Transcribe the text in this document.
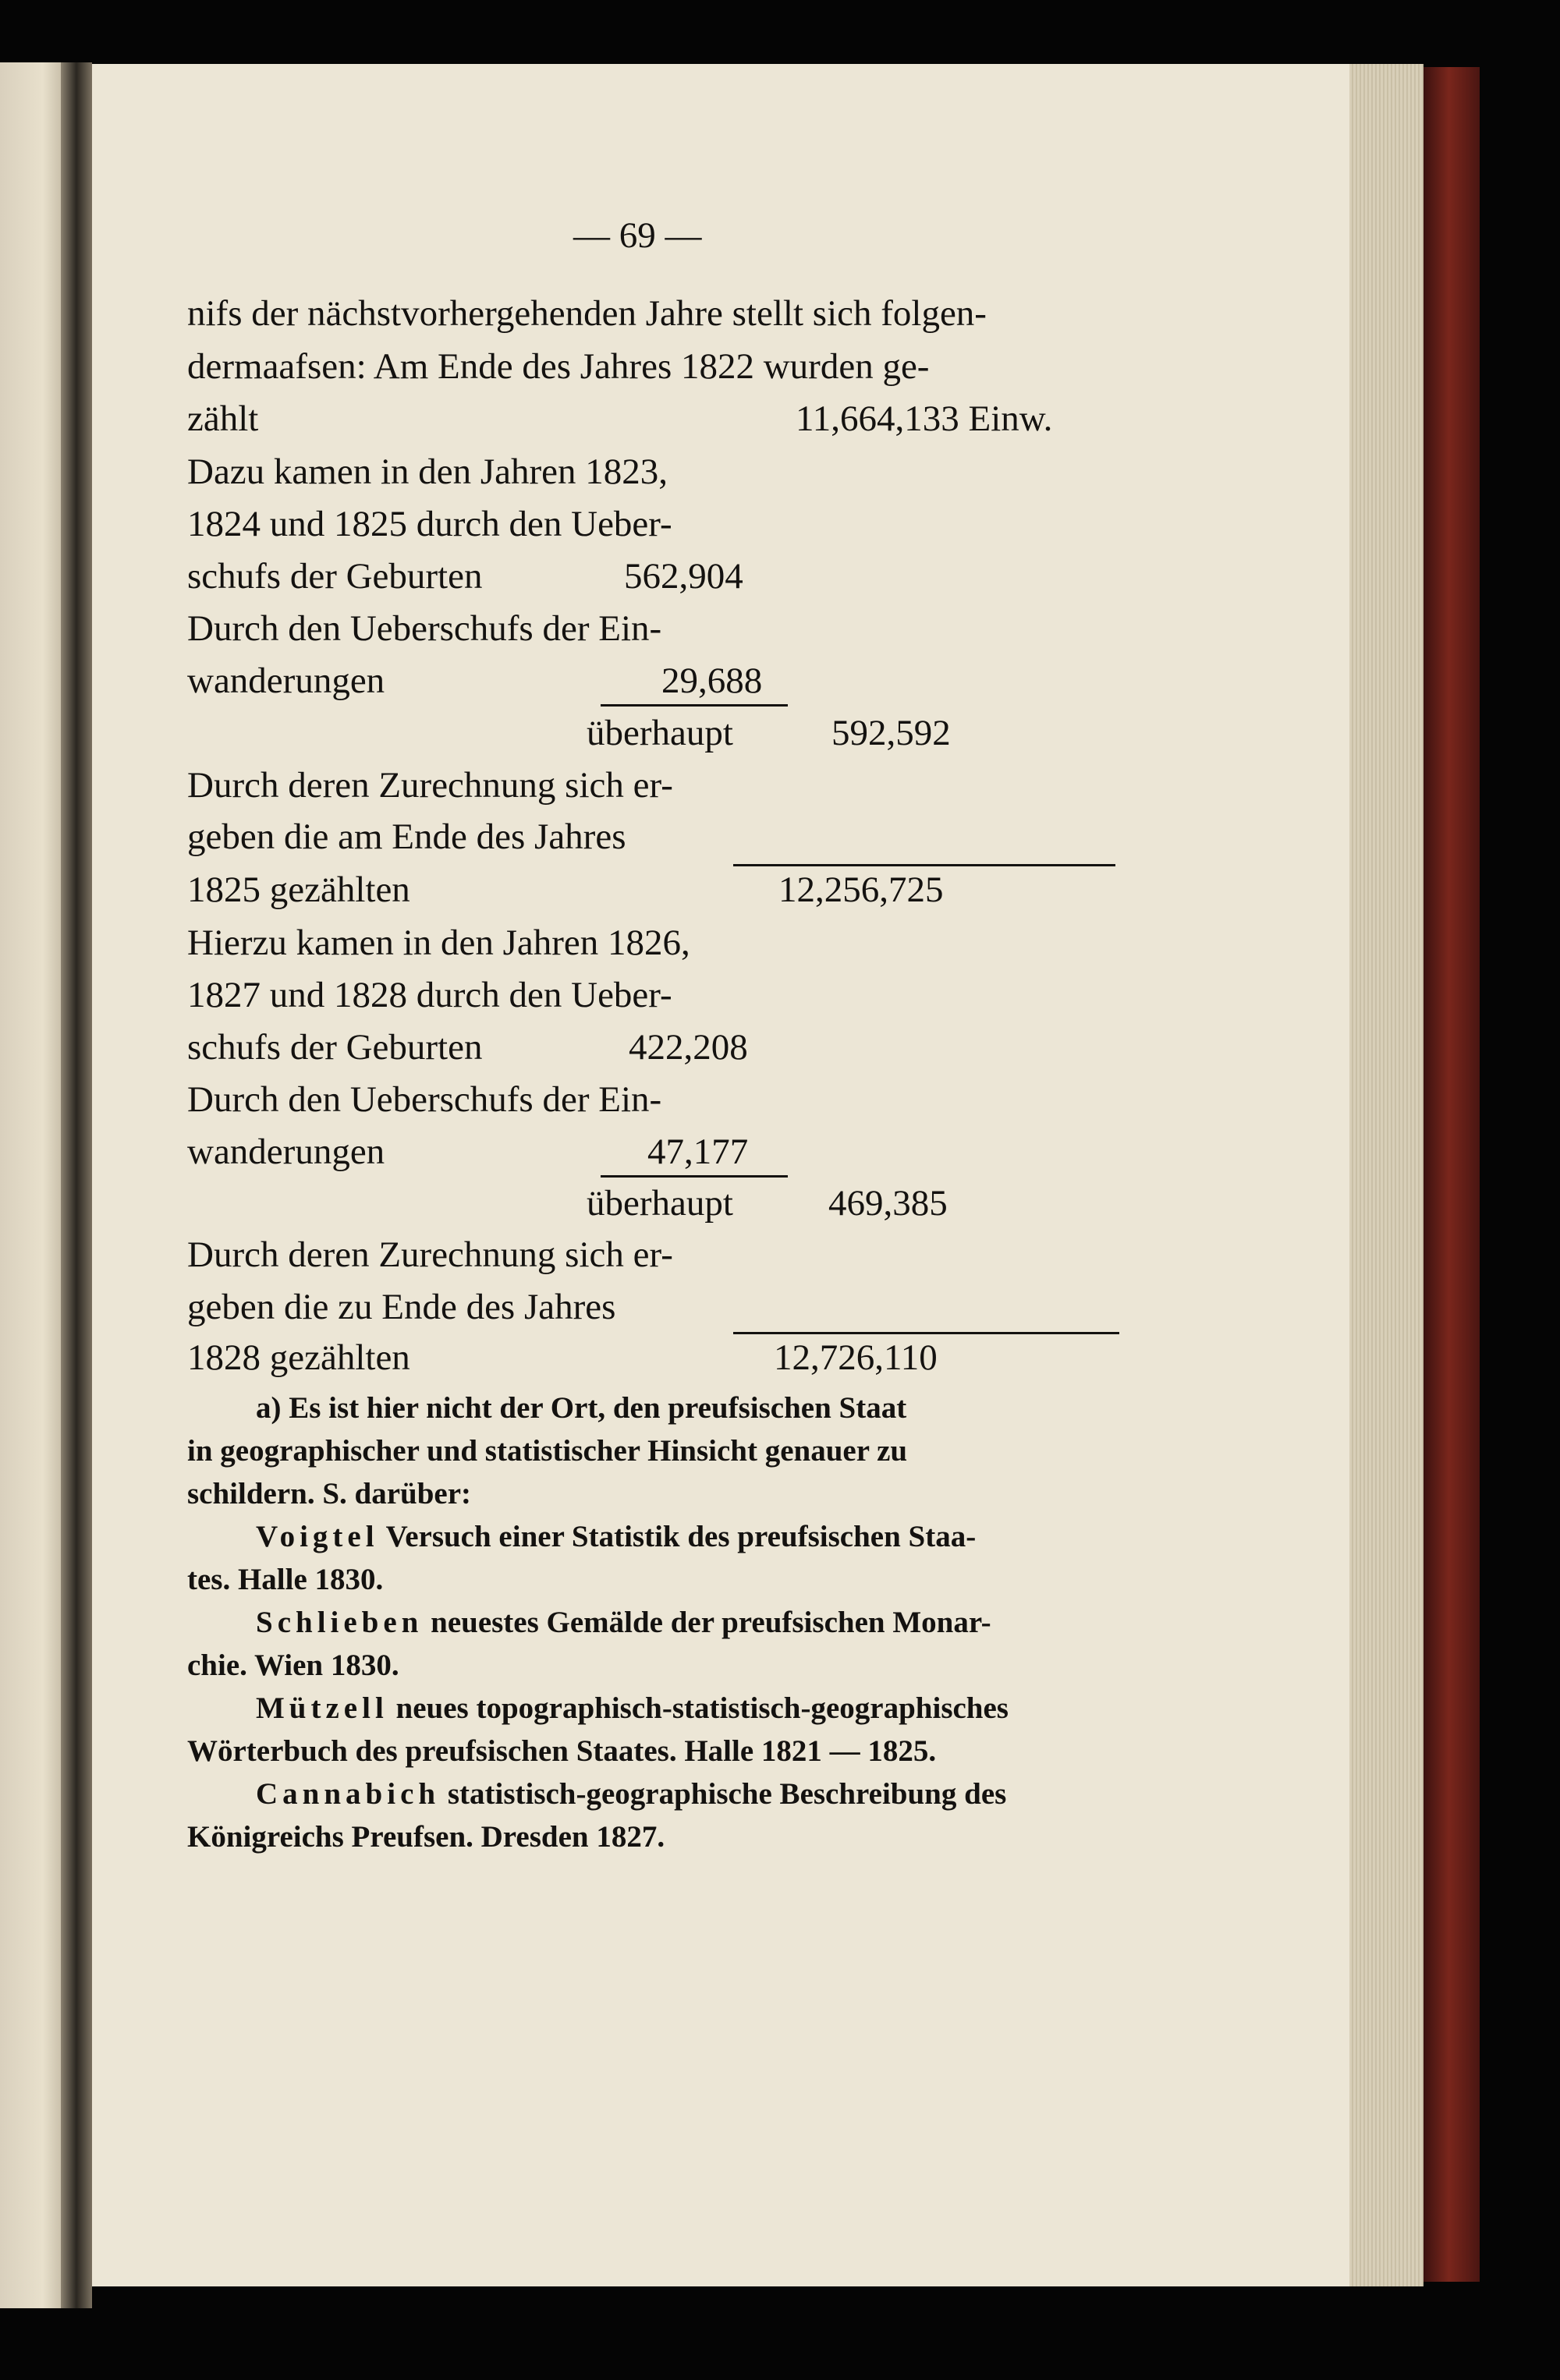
— 69 —
nifs der nächstvorhergehenden Jahre stellt sich folgen-
dermaafsen: Am Ende des Jahres 1822 wurden ge-
zählt	11,664,133 Einw.
Dazu kamen in den Jahren 1823,
1824 und 1825 durch den Ueber-
schufs der Geburten	562,904
Durch den Ueberschufs der Ein-
wanderungen	29,688
überhaupt	592,592
Durch deren Zurechnung sich er-
geben die am Ende des Jahres
1825 gezählten	12,256,725
Hierzu kamen in den Jahren 1826,
1827 und 1828 durch den Ueber-
schufs der Geburten	422,208
Durch den Ueberschufs der Ein-
wanderungen	47,177
überhaupt	469,385
Durch deren Zurechnung sich er-
geben die zu Ende des Jahres
1828 gezählten	12,726,110
a) Es ist hier nicht der Ort, den preufsischen Staat
in geographischer und statistischer Hinsicht genauer zu
schildern. S. darüber:
Voigtel Versuch einer Statistik des preufsischen Staa-
tes. Halle 1830.
Schlieben neuestes Gemälde der preufsischen Monar-
chie. Wien 1830.
Mützell neues topographisch-statistisch-geographisches
Wörterbuch des preufsischen Staates. Halle 1821 — 1825.
Cannabich statistisch-geographische Beschreibung des
Königreichs Preufsen. Dresden 1827.
